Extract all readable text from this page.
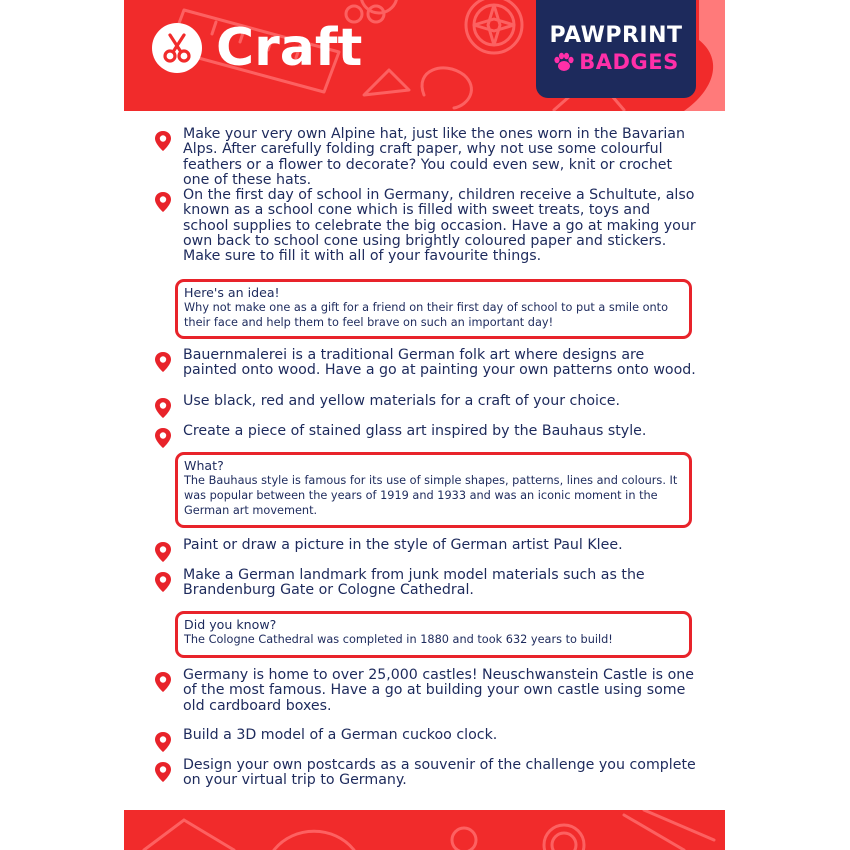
Craft	PAWPRINT
BADGES
Make your very own Alpine hat, just like the ones worn in the Bavarian Alps. After carefully folding craft paper, why not use some colourful feathers or a flower to decorate? You could even sew, knit or crochet one of these hats.
On the first day of school in Germany, children receive a Schultute, also known as a school cone which is filled with sweet treats, toys and school supplies to celebrate the big occasion. Have a go at making your own back to school cone using brightly coloured paper and stickers. Make sure to fill it with all of your favourite things.
Here's an idea!
Why not make one as a gift for a friend on their first day of school to put a smile onto their face and help them to feel brave on such an important day!
Bauernmalerei is a traditional German folk art where designs are painted onto wood. Have a go at painting your own patterns onto wood.
Use black, red and yellow materials for a craft of your choice.
Create a piece of stained glass art inspired by the Bauhaus style.
What?
The Bauhaus style is famous for its use of simple shapes, patterns, lines and colours. It was popular between the years of 1919 and 1933 and was an iconic moment in the German art movement.
Paint or draw a picture in the style of German artist Paul Klee.
Make a German landmark from junk model materials such as the Brandenburg Gate or Cologne Cathedral.
Did you know?
The Cologne Cathedral was completed in 1880 and took 632 years to build!
Germany is home to over 25,000 castles! Neuschwanstein Castle is one of the most famous. Have a go at building your own castle using some old cardboard boxes.
Build a 3D model of a German cuckoo clock.
Design your own postcards as a souvenir of the challenge you complete on your virtual trip to Germany.
